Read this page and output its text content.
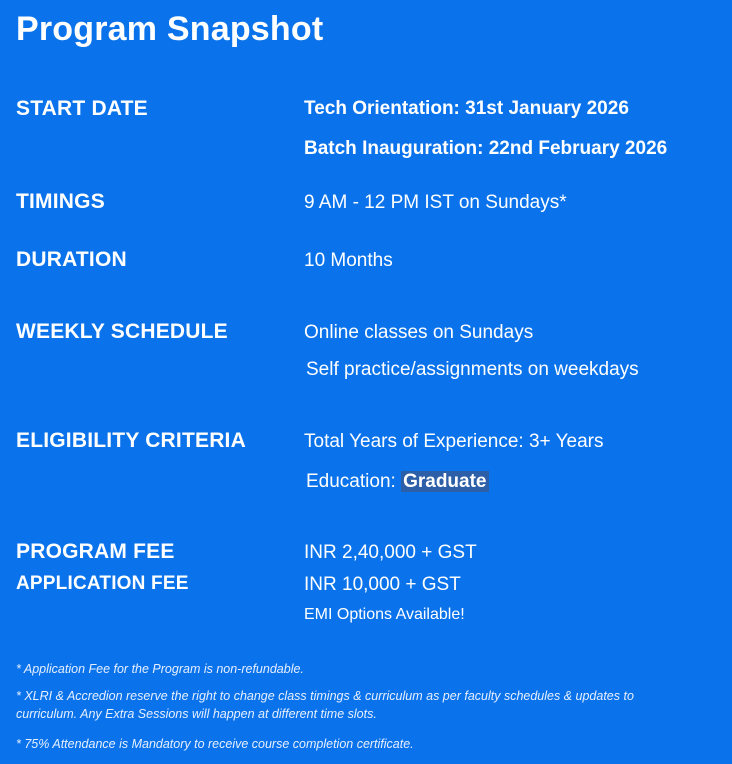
Program Snapshot
START DATE	Tech Orientation: 31st January 2026
Batch Inauguration: 22nd February 2026
TIMINGS	9 AM - 12 PM IST on Sundays*
DURATION	10 Months
WEEKLY SCHEDULE	Online classes on Sundays
Self practice/assignments on weekdays
ELIGIBILITY CRITERIA	Total Years of Experience: 3+ Years
Education: Graduate
PROGRAM FEE	INR 2,40,000 + GST
APPLICATION FEE	INR 10,000 + GST
EMI Options Available!
* Application Fee for the Program is non-refundable.
* XLRI & Accredion reserve the right to change class timings & curriculum as per faculty schedules & updates to curriculum. Any Extra Sessions will happen at different time slots.
* 75% Attendance is Mandatory to receive course completion certificate.
